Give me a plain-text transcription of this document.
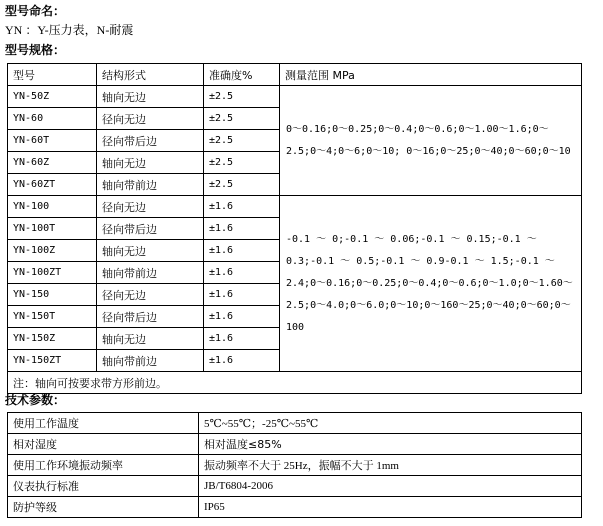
型号命名：
YN ：Y-压力表，N-耐震
型号规格：
型号	结构形式	准确度%	测量范围 MPa
YN-50Z	轴向无边	±2.5	0～0.16;0～0.25;0～0.4;0～0.6;0～1.00～1.6;0～2.5;0～4;0～6;0～10; 0～16;0～25;0～40;0～60;0～10
YN-60	径向无边	±2.5	
YN-60T	径向带后边	±2.5	
YN-60Z	轴向无边	±2.5	
YN-60ZT	轴向带前边	±2.5	
YN-100	径向无边	±1.6	-0.1 ～ 0;-0.1 ～ 0.06;-0.1 ～ 0.15;-0.1 ～ 0.3;-0.1 ～ 0.5;-0.1 ～ 0.9-0.1 ～ 1.5;-0.1 ～ 2.4;0～0.16;0～0.25;0～0.4;0～0.6;0～1.0;0～1.60～2.5;0～4.0;0～6.0;0～10;0～160～25;0～40;0～60;0～100
YN-100T	径向带后边	±1.6	
YN-100Z	轴向无边	±1.6	
YN-100ZT	轴向带前边	±1.6	
YN-150	径向无边	±1.6	
YN-150T	径向带后边	±1.6	
YN-150Z	轴向无边	±1.6	
YN-150ZT	轴向带前边	±1.6	
注：轴向可按要求带方形前边。			
技术参数：
使用工作温度	5℃~55℃；-25℃~55℃
相对湿度	相对温度≤85%
使用工作环境振动频率	振动频率不大于 25Hz，振幅不大于 1mm
仪表执行标准	JB/T6804-2006
防护等级	IP65
